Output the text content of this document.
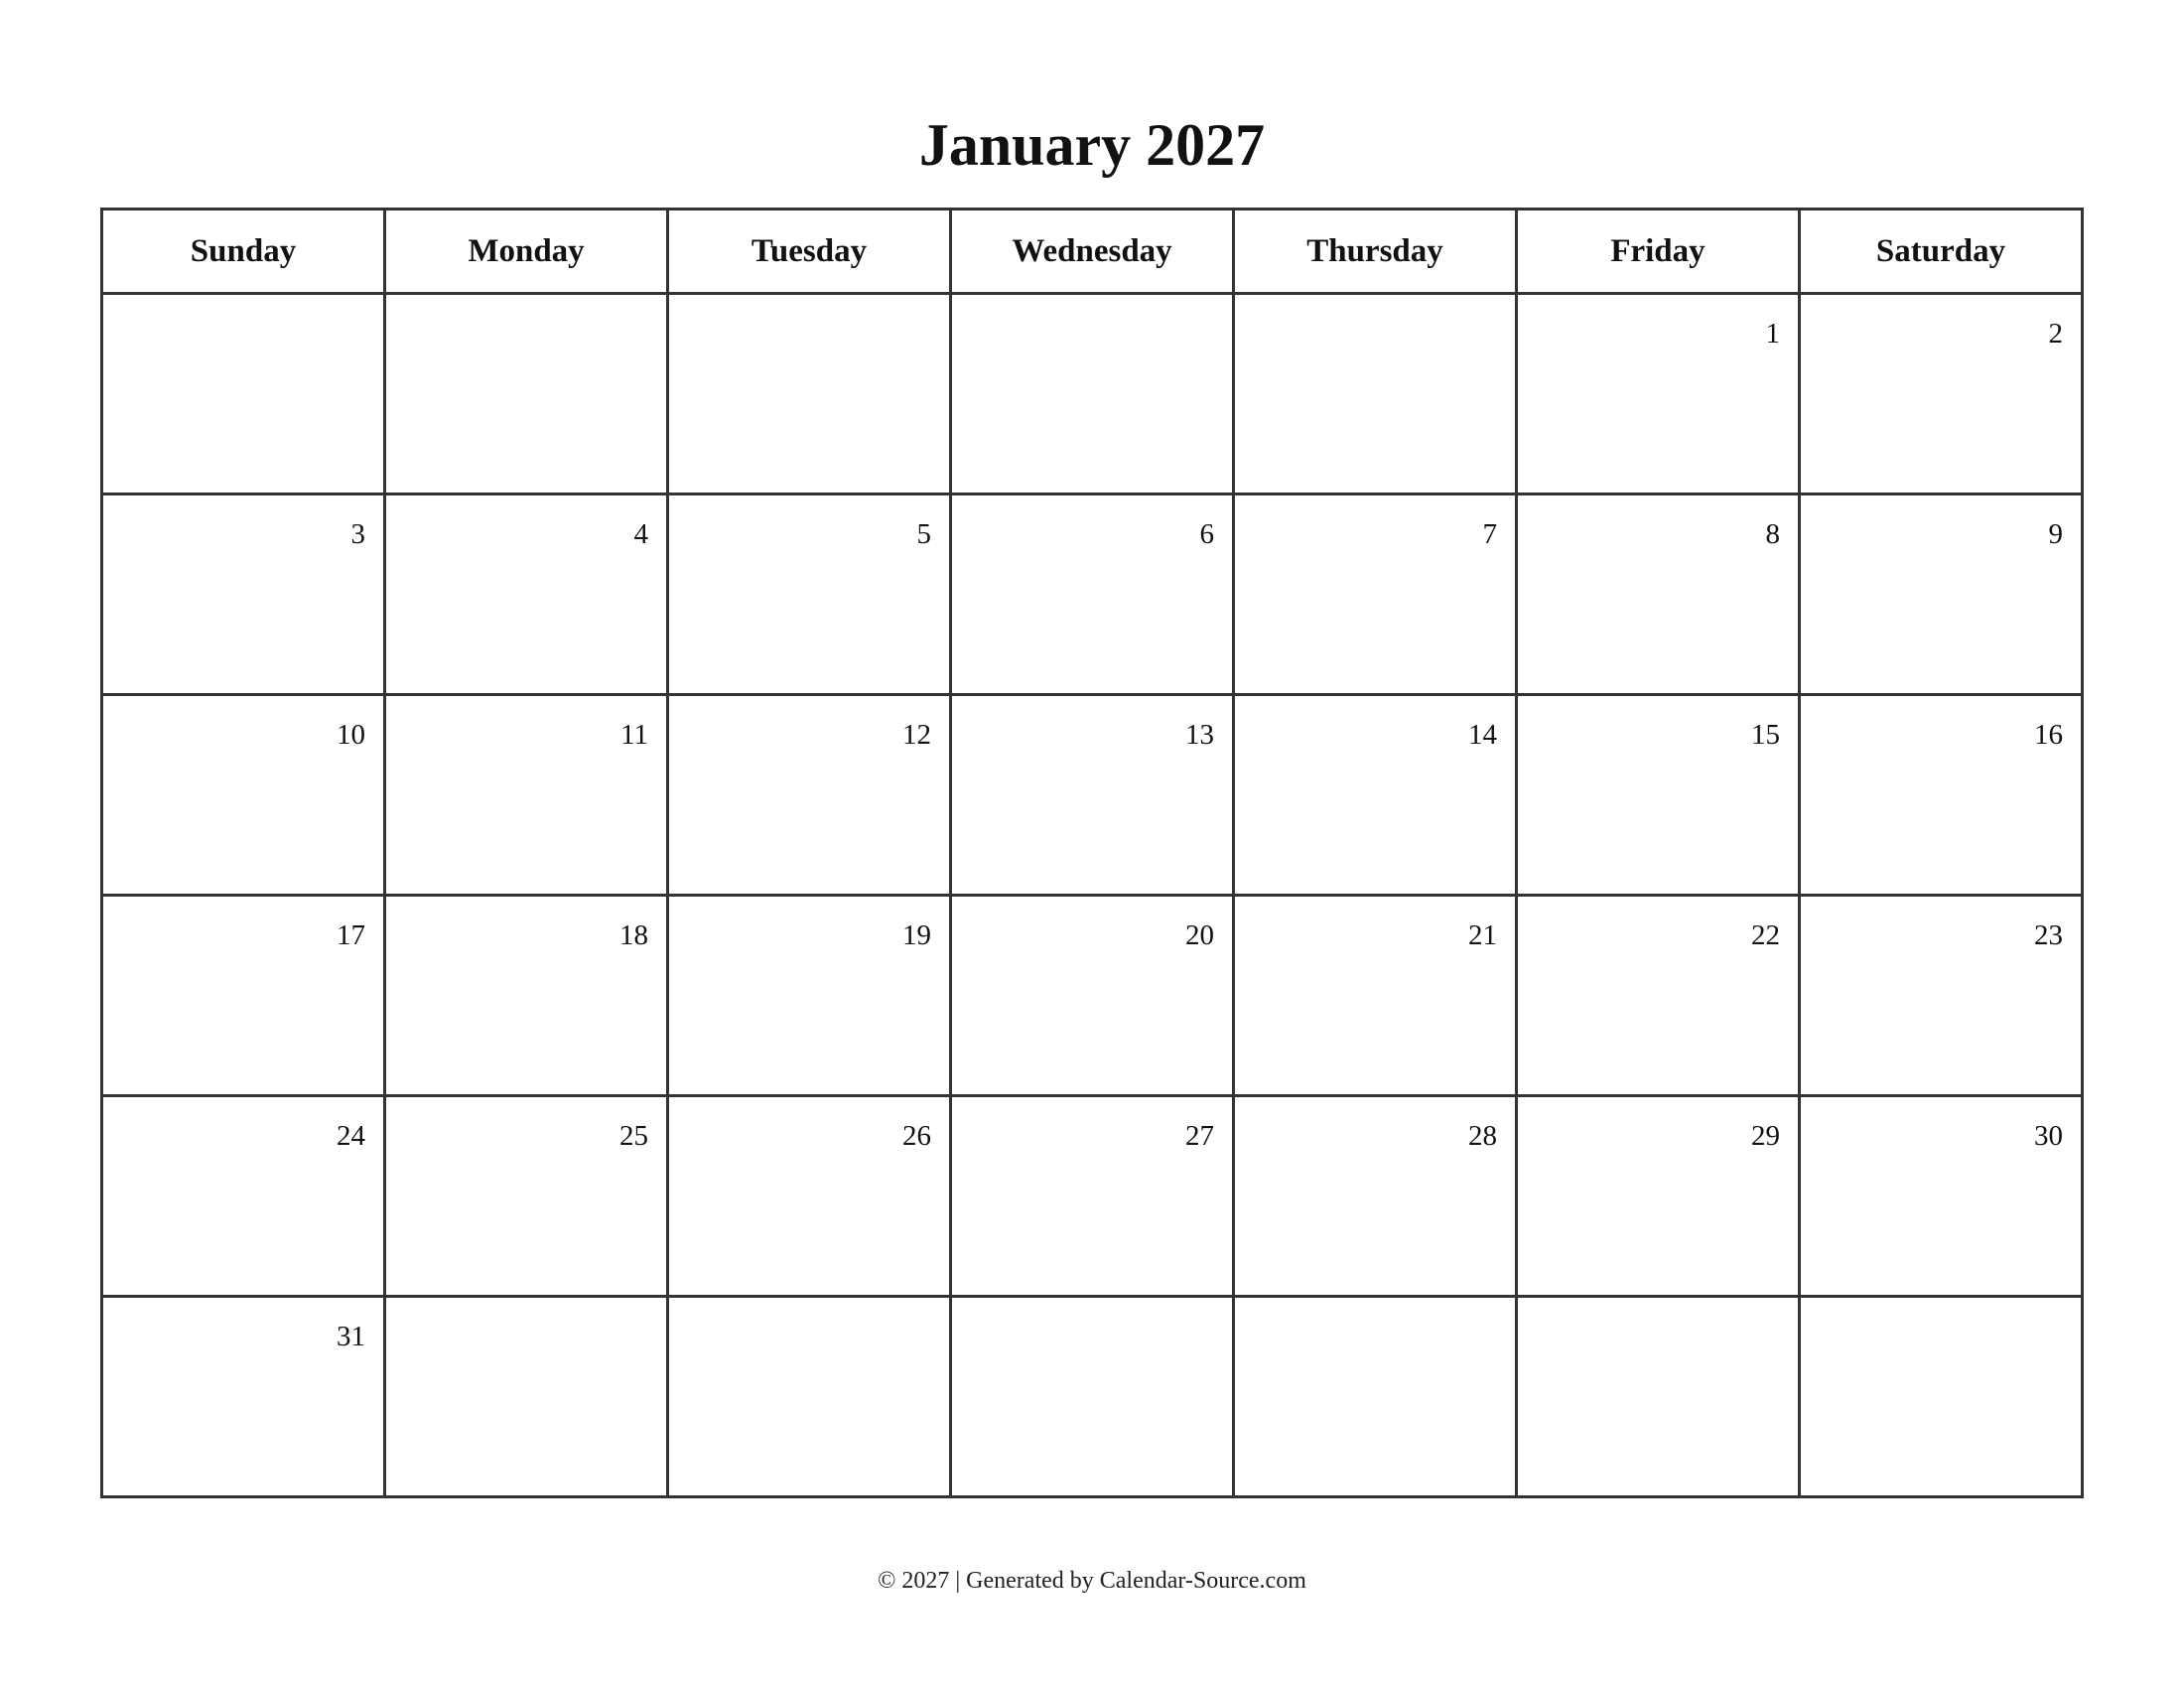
January 2027
Sunday	Monday	Tuesday	Wednesday	Thursday	Friday	Saturday

					1	2

3	4	5	6	7	8	9

10	11	12	13	14	15	16

17	18	19	20	21	22	23

24	25	26	27	28	29	30

31						

© 2027 | Generated by Calendar-Source.com
